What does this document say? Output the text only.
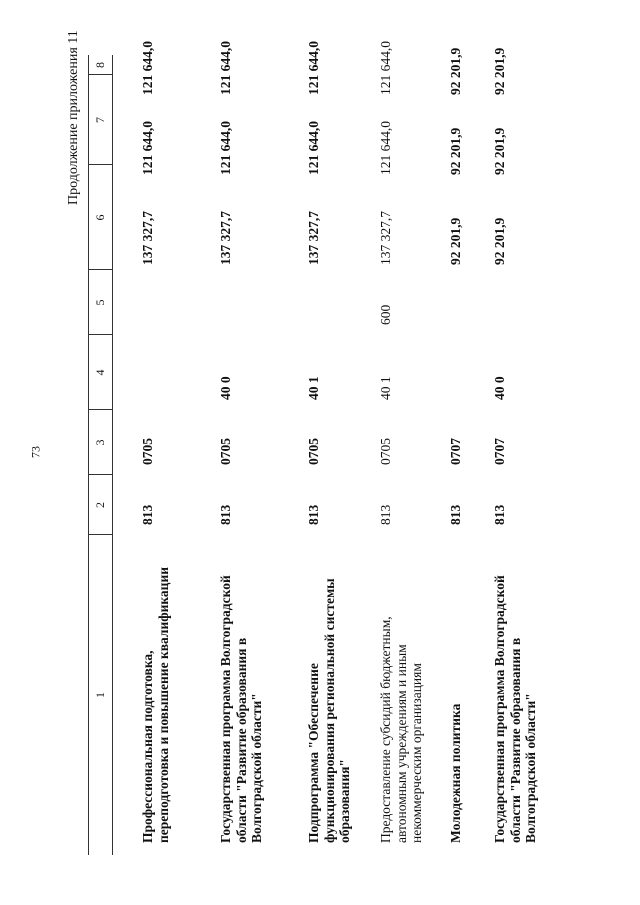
73
Продолжение приложения 11
1
2
3
4
5
6
7
8
Профессиональная подготовка, переподготовка и повышение квалификации
813
0705
137 327,7
121 644,0
121 644,0
Государственная программа Волгоградской области "Развитие образования в Волгоградской области"
813
0705
40 0
137 327,7
121 644,0
121 644,0
Подпрограмма "Обеспечение функционирования региональной системы образования"
813
0705
40 1
137 327,7
121 644,0
121 644,0
Предоставление субсидий бюджетным, автономным учреждениям и иным некоммерческим организациям
813
0705
40 1
600
137 327,7
121 644,0
121 644,0
Молодежная политика
813
0707
92 201,9
92 201,9
92 201,9
Государственная программа Волгоградской области "Развитие образования в Волгоградской области"
813
0707
40 0
92 201,9
92 201,9
92 201,9
